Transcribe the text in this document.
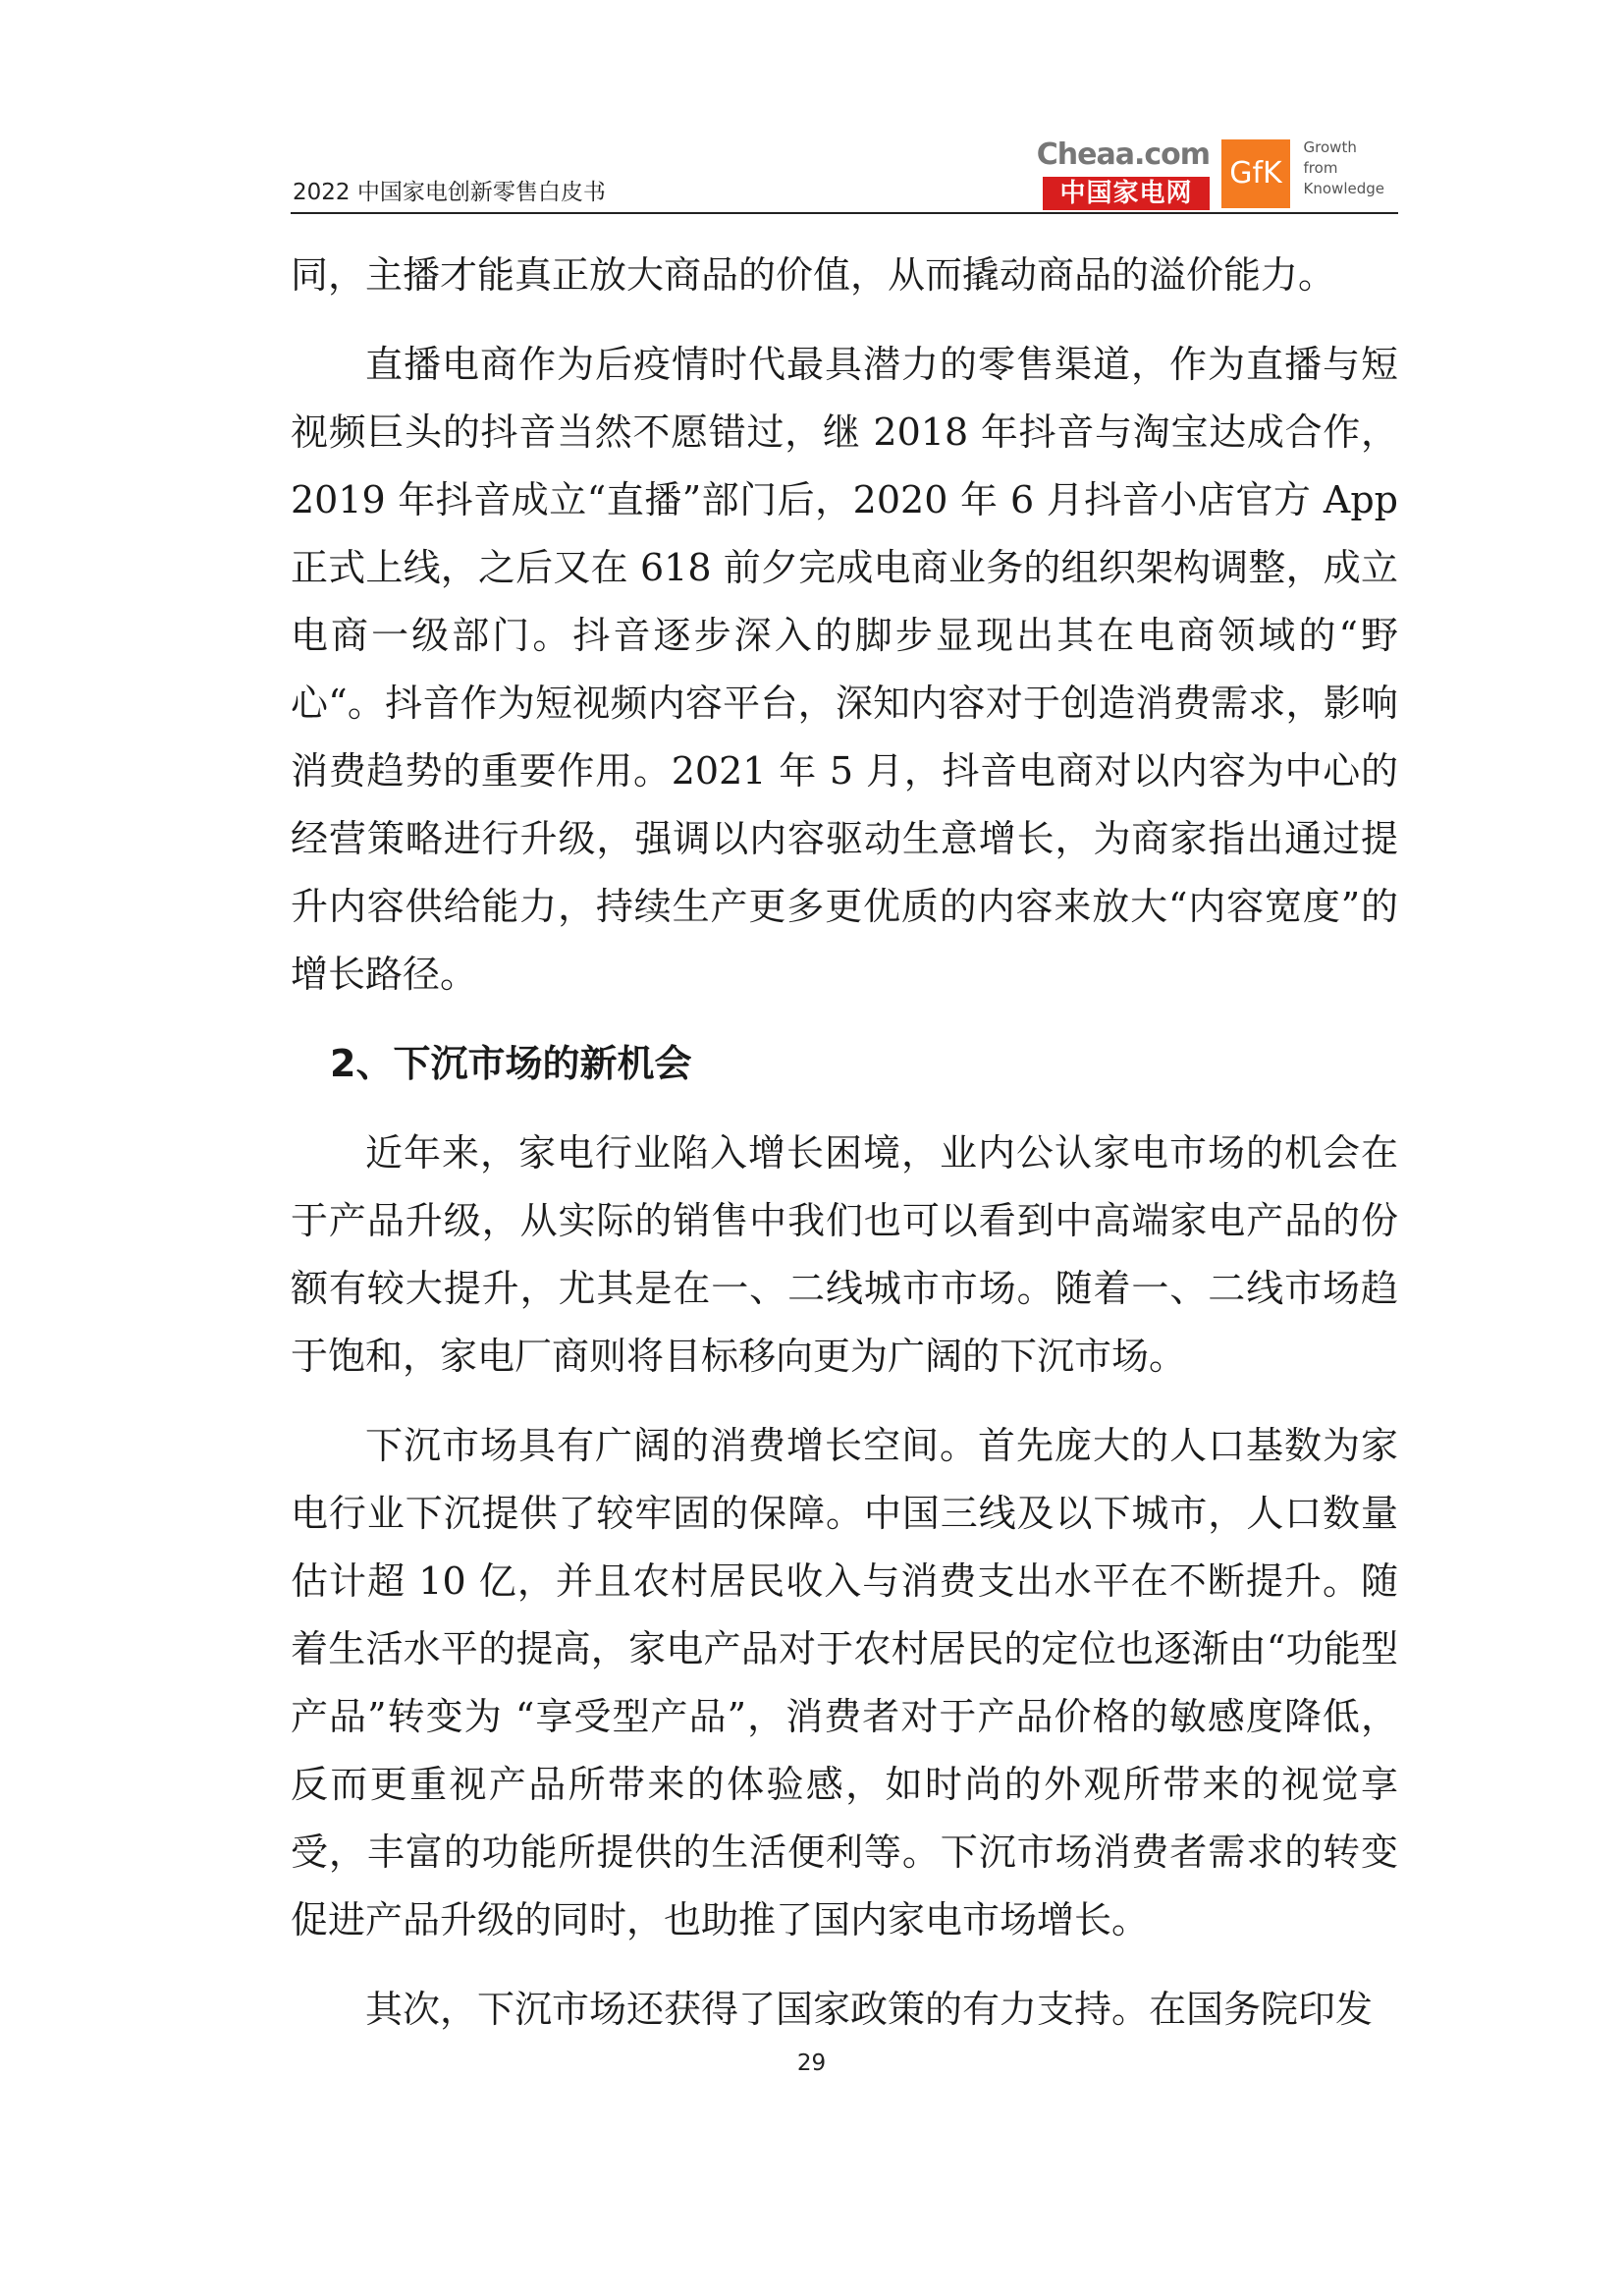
2022 中国家电创新零售白皮书
Cheaa.com
中国家电网
GfK
Growth
from
Knowledge

同，主播才能真正放大商品的价值，从而撬动商品的溢价能力。

直播电商作为后疫情时代最具潜力的零售渠道，作为直播与短视频巨头的抖音当然不愿错过，继 2018 年抖音与淘宝达成合作，2019 年抖音成立“直播”部门后，2020 年 6 月抖音小店官方 App 正式上线，之后又在 618 前夕完成电商业务的组织架构调整，成立电商一级部门。抖音逐步深入的脚步显现出其在电商领域的“野心“。抖音作为短视频内容平台，深知内容对于创造消费需求，影响消费趋势的重要作用。2021 年 5 月，抖音电商对以内容为中心的经营策略进行升级，强调以内容驱动生意增长，为商家指出通过提升内容供给能力，持续生产更多更优质的内容来放大“内容宽度”的增长路径。

2、下沉市场的新机会

近年来，家电行业陷入增长困境，业内公认家电市场的机会在于产品升级，从实际的销售中我们也可以看到中高端家电产品的份额有较大提升，尤其是在一、二线城市市场。随着一、二线市场趋于饱和，家电厂商则将目标移向更为广阔的下沉市场。

下沉市场具有广阔的消费增长空间。首先庞大的人口基数为家电行业下沉提供了较牢固的保障。中国三线及以下城市，人口数量估计超 10 亿，并且农村居民收入与消费支出水平在不断提升。随着生活水平的提高，家电产品对于农村居民的定位也逐渐由“功能型产品”转变为 “享受型产品”，消费者对于产品价格的敏感度降低，反而更重视产品所带来的体验感，如时尚的外观所带来的视觉享受，丰富的功能所提供的生活便利等。下沉市场消费者需求的转变促进产品升级的同时，也助推了国内家电市场增长。

其次，下沉市场还获得了国家政策的有力支持。在国务院印发

29
